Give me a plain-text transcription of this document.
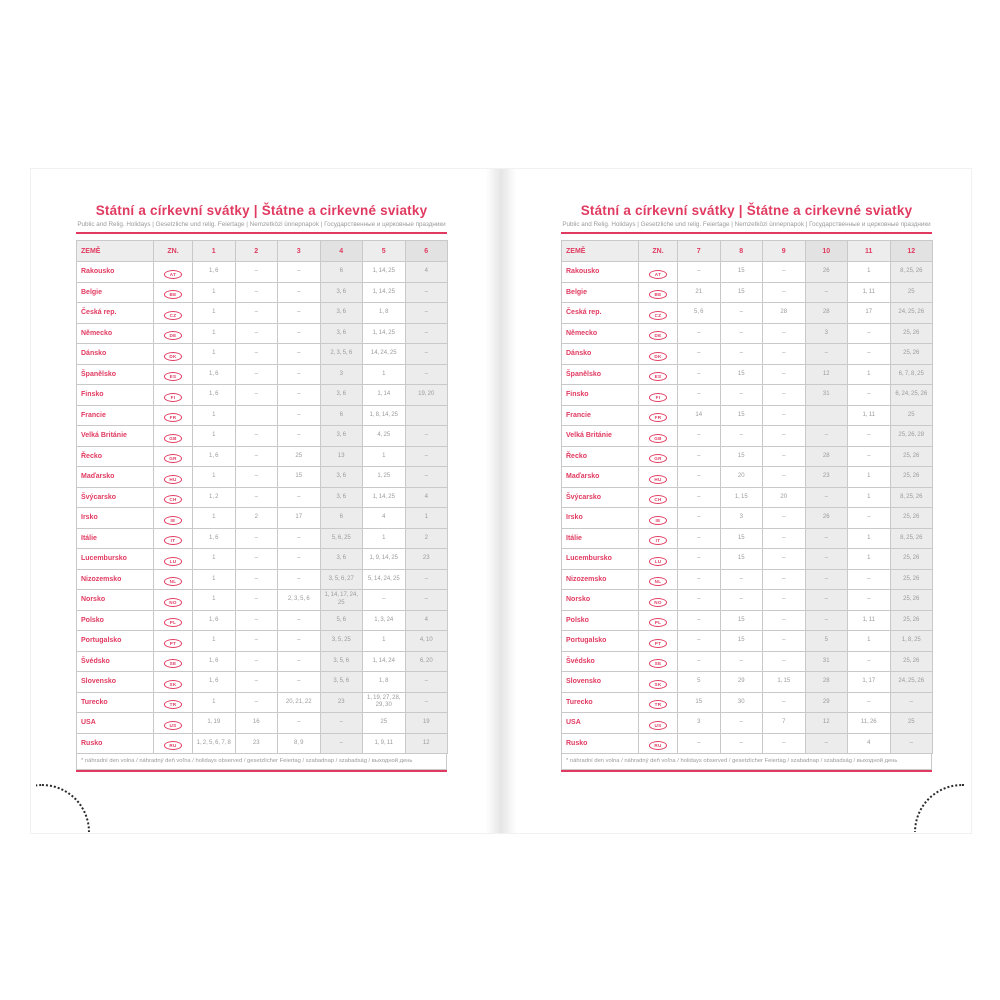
Státní a církevní svátky | Štátne a cirkevné sviatky
Public and Relig. Holidays | Gesetzliche und relig. Feiertage | Nemzetközi ünnepnapok | Государственные и церковные праздники
ZEMĚ	ZN.	1	2	3	4	5	6
Rakousko	AT	1, 6	–	–	6	1, 14, 25	4
Belgie	BE	1	–	–	3, 6	1, 14, 25	–
Česká rep.	CZ	1	–	–	3, 6	1, 8	–
Německo	DE	1	–	–	3, 6	1, 14, 25	–
Dánsko	DK	1	–	–	2, 3, 5, 6	14, 24, 25	–
Španělsko	ES	1, 6	–	–	3	1	–
Finsko	FI	1, 6	–	–	3, 6	1, 14	19, 20
Francie	FR	1		–	6	1, 8, 14, 25	
Velká Británie	GB	1	–	–	3, 6	4, 25	–
Řecko	GR	1, 6	–	25	13	1	–
Maďarsko	HU	1	–	15	3, 6	1, 25	–
Švýcarsko	CH	1, 2	–	–	3, 6	1, 14, 25	4
Irsko	IE	1	2	17	6	4	1
Itálie	IT	1, 6	–	–	5, 6, 25	1	2
Lucembursko	LU	1	–	–	3, 6	1, 9, 14, 25	23
Nizozemsko	NL	1	–	–	3, 5, 6, 27	5, 14, 24, 25	–
Norsko	NO	1	–	2, 3, 5, 6	1, 14, 17, 24, 25	–	–
Polsko	PL	1, 6	–	–	5, 6	1, 3, 24	4
Portugalsko	PT	1	–	–	3, 5, 25	1	4, 10
Švédsko	SE	1, 6	–	–	3, 5, 6	1, 14, 24	6, 20
Slovensko	SK	1, 6	–	–	3, 5, 6	1, 8	–
Turecko	TR	1	–	20, 21, 22	23	1, 19, 27, 28, 29, 30	–
USA	US	1, 19	16	–	–	25	19
Rusko	RU	1, 2, 5, 6, 7, 8	23	8, 9	–	1, 9, 11	12
* náhradní den volna / náhradný deň voľna / holidays observed / gesetzlicher Feiertag / szabadnap / szabadság / выходной день
Státní a církevní svátky | Štátne a cirkevné sviatky
Public and Relig. Holidays | Gesetzliche und relig. Feiertage | Nemzetközi ünnepnapok | Государственные и церковные праздники
ZEMĚ	ZN.	7	8	9	10	11	12
Rakousko	AT	–	15	–	26	1	8, 25, 26
Belgie	BE	21	15	–	–	1, 11	25
Česká rep.	CZ	5, 6	–	28	28	17	24, 25, 26
Německo	DE	–	–	–	3	–	25, 26
Dánsko	DK	–	–	–	–	–	25, 26
Španělsko	ES	–	15	–	12	1	6, 7, 8, 25
Finsko	FI	–	–	–	31	–	6, 24, 25, 26
Francie	FR	14	15	–		1, 11	25
Velká Británie	GB	–	–	–	–	–	25, 26, 28
Řecko	GR	–	15	–	28	–	25, 26
Maďarsko	HU	–	20	–	23	1	25, 26
Švýcarsko	CH	–	1, 15	20	–	1	8, 25, 26
Irsko	IE	–	3	–	26	–	25, 26
Itálie	IT	–	15	–	–	1	8, 25, 26
Lucembursko	LU	–	15	–	–	1	25, 26
Nizozemsko	NL	–	–	–	–	–	25, 26
Norsko	NO	–	–	–	–	–	25, 26
Polsko	PL	–	15	–	–	1, 11	25, 26
Portugalsko	PT	–	15	–	5	1	1, 8, 25
Švédsko	SE	–	–	–	31	–	25, 26
Slovensko	SK	5	29	1, 15	28	1, 17	24, 25, 26
Turecko	TR	15	30	–	29	–	–
USA	US	3	–	7	12	11, 26	25
Rusko	RU	–	–	–	–	4	–
* náhradní den volna / náhradný deň voľna / holidays observed / gesetzlicher Feiertag / szabadnap / szabadság / выходной день
